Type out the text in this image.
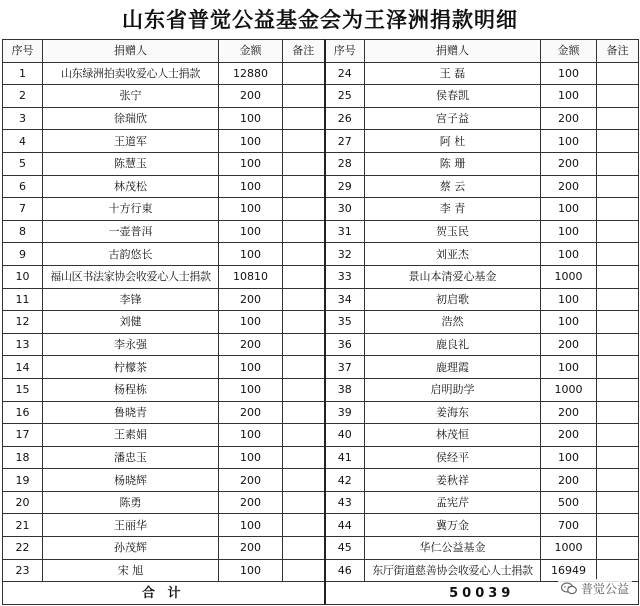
山东省普觉公益基金会为王泽洲捐款明细
序号	捐赠人	金额	备注	序号	捐赠人	金额	备注
1	山东绿洲拍卖收爱心人士捐款	12880		24	王 磊	100	
2	张宁	200		25	侯春凯	100	
3	徐瑞欣	100		26	宫子益	200	
4	王道军	100		27	阿 杜	100	
5	陈慧玉	100		28	陈 珊	200	
6	林茂松	100		29	蔡 云	200	
7	十方行東	100		30	李 青	100	
8	一壶普洱	100		31	贺玉民	100	
9	古韵悠长	100		32	刘亚杰	100	
10	福山区书法家协会收爱心人士捐款	10810		33	景山本清爱心基金	1000	
11	李锋	200		34	初启歌	100	
12	刘健	100		35	浩然	100	
13	李永强	200		36	鹿良礼	200	
14	柠檬茶	100		37	鹿理霞	100	
15	杨程栋	100		38	启明助学	1000	
16	鲁晓青	200		39	姜海东	200	
17	王素娟	100		40	林茂恒	200	
18	潘忠玉	100		41	侯经平	100	
19	杨晓辉	200		42	姜秋祥	200	
20	陈勇	200		43	孟宪芹	500	
21	王丽华	100		44	冀万金	700	
22	孙茂辉	200		45	华仁公益基金	1000	
23	宋 旭	100		46	东厅街道慈善协会收爱心人士捐款	16949	
合 计				50039				普觉公益
